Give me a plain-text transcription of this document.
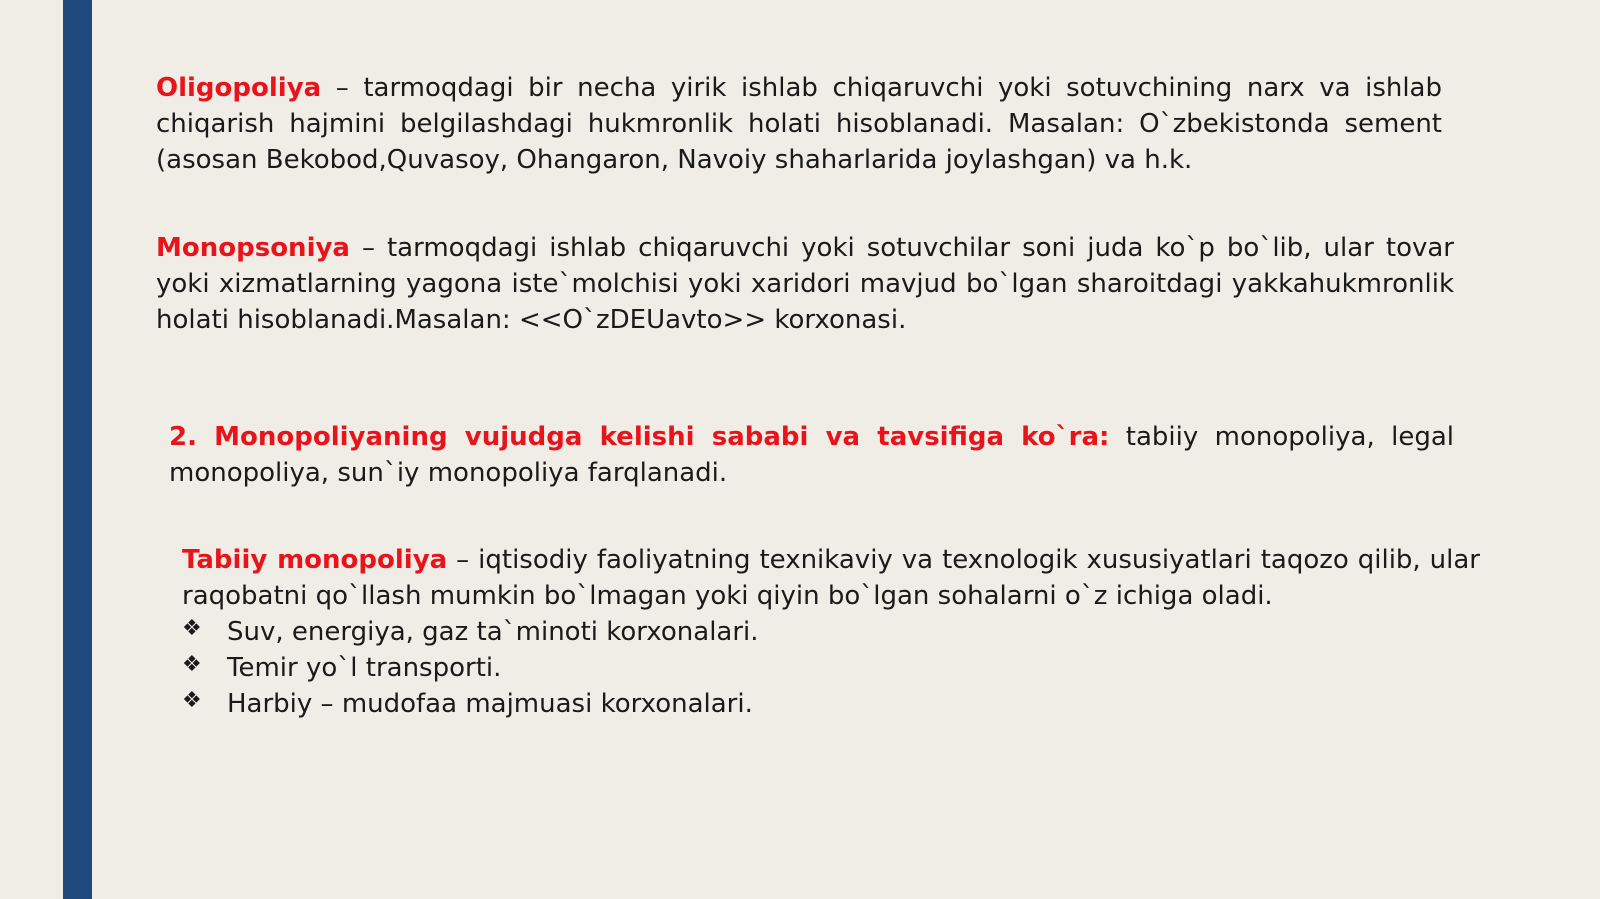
Oligopoliya – tarmoqdagi bir necha yirik ishlab chiqaruvchi yoki sotuvchining narx va ishlab chiqarish hajmini belgilashdagi hukmronlik holati hisoblanadi. Masalan: O`zbekistonda sement (asosan Bekobod,Quvasoy, Ohangaron, Navoiy shaharlarida joylashgan) va h.k.

Monopsoniya – tarmoqdagi ishlab chiqaruvchi yoki sotuvchilar soni juda ko`p bo`lib, ular tovar yoki xizmatlarning yagona iste`molchisi yoki xaridori mavjud bo`lgan sharoitdagi yakkahukmronlik holati hisoblanadi.Masalan: <<O`zDEUavto>> korxonasi.

2. Monopoliyaning vujudga kelishi sababi va tavsifiga ko`ra: tabiiy monopoliya, legal monopoliya, sun`iy monopoliya farqlanadi.

Tabiiy monopoliya – iqtisodiy faoliyatning texnikaviy va texnologik xususiyatlari taqozo qilib, ular raqobatni qo`llash mumkin bo`lmagan yoki qiyin bo`lgan sohalarni o`z ichiga oladi.

❖ Suv, energiya, gaz ta`minoti korxonalari.
❖ Temir yo`l transporti.
❖ Harbiy – mudofaa majmuasi korxonalari.
